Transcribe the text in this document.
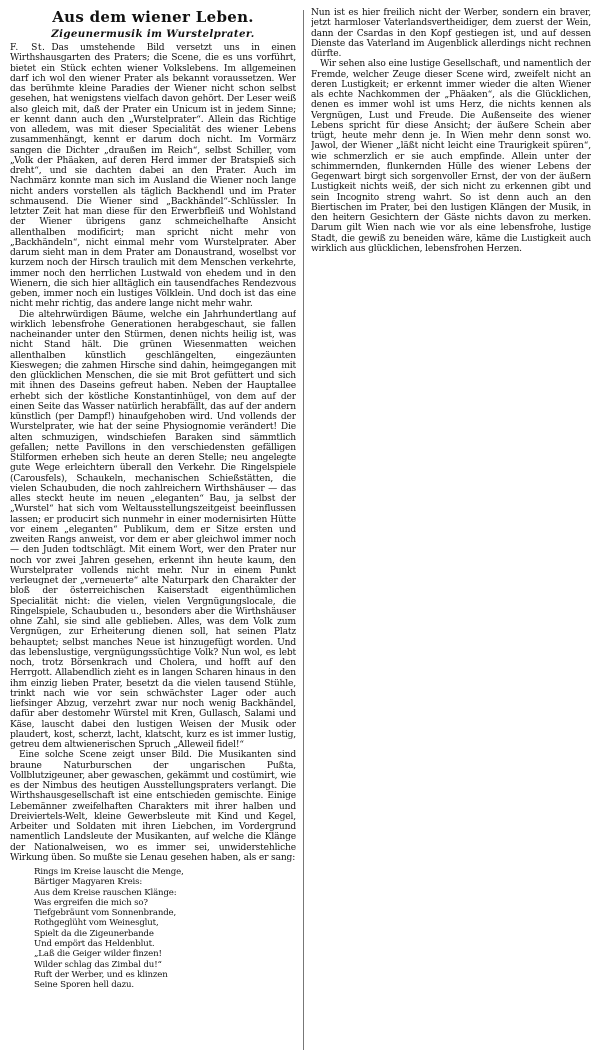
Aus dem wiener Leben.
Zigeunermusik im Wurstelprater.

F. St. Das umstehende Bild versetzt uns in einen Wirthshausgarten des Praters; die Scene, die es uns vorführt, bietet ein Stück echten wiener Volkslebens. Im allgemeinen darf ich wol den wiener Prater als bekannt voraussetzen. Wer das berühmte kleine Paradies der Wiener nicht schon selbst gesehen, hat wenigstens vielfach davon gehört. Der Leser weiß also gleich mit, daß der Prater ein Unicum ist in jedem Sinne; er kennt dann auch den „Wurstelprater“. Allein das Richtige von alledem, was mit dieser Specialität des wiener Lebens zusammenhängt, kennt er darum doch nicht. Im Vormärz sangen die Dichter „draußen im Reich“, selbst Schiller, vom „Volk der Phäaken, auf deren Herd immer der Bratspieß sich dreht“, und sie dachten dabei an den Prater. Auch im Nachmärz konnte man sich im Ausland die Wiener noch lange nicht anders vorstellen als täglich Backhendl und im Prater schmausend. Die Wiener sind „Backhändel“-Schlüssler. In letzter Zeit hat man diese für den Erwerbfleiß und Wohlstand der Wiener übrigens ganz schmeichelhafte Ansicht allenthalben modificirt; man spricht nicht mehr von „Backhändeln“, nicht einmal mehr vom Wurstelprater. Aber darum sieht man in dem Prater am Donaustrand, woselbst vor kurzem noch der Hirsch traulich mit dem Menschen verkehrte, immer noch den herrlichen Lustwald von ehedem und in den Wienern, die sich hier alltäglich ein tausendfaches Rendezvous geben, immer noch ein lustiges Völklein. Und doch ist das eine nicht mehr richtig, das andere lange nicht mehr wahr.

Die altehrwürdigen Bäume, welche ein Jahrhundertlang auf wirklich lebensfrohe Generationen herabgeschaut, sie fallen nacheinander unter den Stürmen, denen nichts heilig ist, was nicht Stand hält. Die grünen Wiesenmatten weichen allenthalben künstlich geschlängelten, eingezäunten Kieswegen; die zahmen Hirsche sind dahin, heimgegangen mit den glücklichen Menschen, die sie mit Brot gefüttert und sich mit ihnen des Daseins gefreut haben. Neben der Hauptallee erhebt sich der köstliche Konstantinhügel, von dem auf der einen Seite das Wasser natürlich herabfällt, das auf der andern künstlich (per Dampf!) hinaufgehoben wird. Und vollends der Wurstelprater, wie hat der seine Physiognomie verändert! Die alten schmuzigen, windschiefen Baraken sind sämmtlich gefallen; nette Pavillons in den verschiedensten gefälligen Stilformen erheben sich heute an deren Stelle; neu angelegte gute Wege erleichtern überall den Verkehr. Die Ringelspiele (Carousfels), Schaukeln, mechanischen Schießstätten, die vielen Schaubuden, die noch zahlreichern Wirthshäuser — das alles steckt heute im neuen „eleganten“ Bau, ja selbst der „Wurstel“ hat sich vom Weltausstellungszeitgeist beeinflussen lassen; er producirt sich nunmehr in einer modernisirten Hütte vor einem „eleganten“ Publikum, dem er Sitze ersten und zweiten Rangs anweist, vor dem er aber gleichwol immer noch — den Juden todtschlägt. Mit einem Wort, wer den Prater nur noch vor zwei Jahren gesehen, erkennt ihn heute kaum, den Wurstelprater vollends nicht mehr. Nur in einem Punkt verleugnet der „verneuerte“ alte Naturpark den Charakter der bloß der österreichischen Kaiserstadt eigenthümlichen Specialität nicht: die vielen, vielen Vergnügungslocale, die Ringelspiele, Schaubuden u., besonders aber die Wirthshäuser ohne Zahl, sie sind alle geblieben. Alles, was dem Volk zum Vergnügen, zur Erheiterung dienen soll, hat seinen Platz behauptet; selbst manches Neue ist hinzugefügt worden. Und das lebenslustige, vergnügungssüchtige Volk? Nun wol, es lebt noch, trotz Börsenkrach und Cholera, und hofft auf den Herrgott. Allabendlich zieht es in langen Scharen hinaus in den ihm einzig lieben Prater, besetzt da die vielen tausend Stühle, trinkt nach wie vor sein schwächster Lager oder auch liefsinger Abzug, verzehrt zwar nur noch wenig Backhändel, dafür aber destomehr Würstel mit Kren, Gullasch, Salami und Käse, lauscht dabei den lustigen Weisen der Musik oder plaudert, kost, scherzt, lacht, klatscht, kurz es ist immer lustig, getreu dem altwienerischen Spruch „Alleweil fidel!“

Eine solche Scene zeigt unser Bild. Die Musikanten sind braune Naturburschen der ungarischen Pußta, Vollblutzigeuner, aber gewaschen, gekämmt und costümirt, wie es der Nimbus des heutigen Ausstellungspraters verlangt. Die Wirthshausgesellschaft ist eine entschieden gemischte. Einige Lebemänner zweifelhaften Charakters mit ihrer halben und Dreiviertels-Welt, kleine Gewerbsleute mit Kind und Kegel, Arbeiter und Soldaten mit ihren Liebchen, im Vordergrund namentlich Landsleute der Musikanten, auf welche die Klänge der Nationalweisen, wo es immer sei, unwiderstehliche Wirkung üben. So mußte sie Lenau gesehen haben, als er sang:

Rings im Kreise lauscht die Menge,
Bärtiger Magyaren Kreis:
Aus dem Kreise rauschen Klänge:
Was ergreifen die mich so?
Tiefgebräunt vom Sonnenbrande,
Rothgeglüht vom Weinesglut,
Spielt da die Zigeunerbande
Und empört das Heldenblut.
„Laß die Geiger wilder finzen!
Wilder schlag das Zimbal du!“
Ruft der Werber, und es klinzen
Seine Sporen hell dazu.

Nun ist es hier freilich nicht der Werber, sondern ein braver, jetzt harmloser Vaterlandsvertheidiger, dem zuerst der Wein, dann der Csardas in den Kopf gestiegen ist, und auf dessen Dienste das Vaterland im Augenblick allerdings nicht rechnen dürfte.

Wir sehen also eine lustige Gesellschaft, und namentlich der Fremde, welcher Zeuge dieser Scene wird, zweifelt nicht an deren Lustigkeit; er erkennt immer wieder die alten Wiener als echte Nachkommen der „Phäaken“, als die Glücklichen, denen es immer wohl ist ums Herz, die nichts kennen als Vergnügen, Lust und Freude. Die Außenseite des wiener Lebens spricht für diese Ansicht; der äußere Schein aber trügt, heute mehr denn je. In Wien mehr denn sonst wo. Jawol, der Wiener „läßt nicht leicht eine Traurigkeit spüren“, wie schmerzlich er sie auch empfinde. Allein unter der schimmernden, flunkernden Hülle des wiener Lebens der Gegenwart birgt sich sorgenvoller Ernst, der von der äußern Lustigkeit nichts weiß, der sich nicht zu erkennen gibt und sein Incognito streng wahrt. So ist denn auch an den Biertischen im Prater, bei den lustigen Klängen der Musik, in den heitern Gesichtern der Gäste nichts davon zu merken. Darum gilt Wien nach wie vor als eine lebensfrohe, lustige Stadt, die gewiß zu beneiden wäre, käme die Lustigkeit auch wirklich aus glücklichen, lebensfrohen Herzen.
